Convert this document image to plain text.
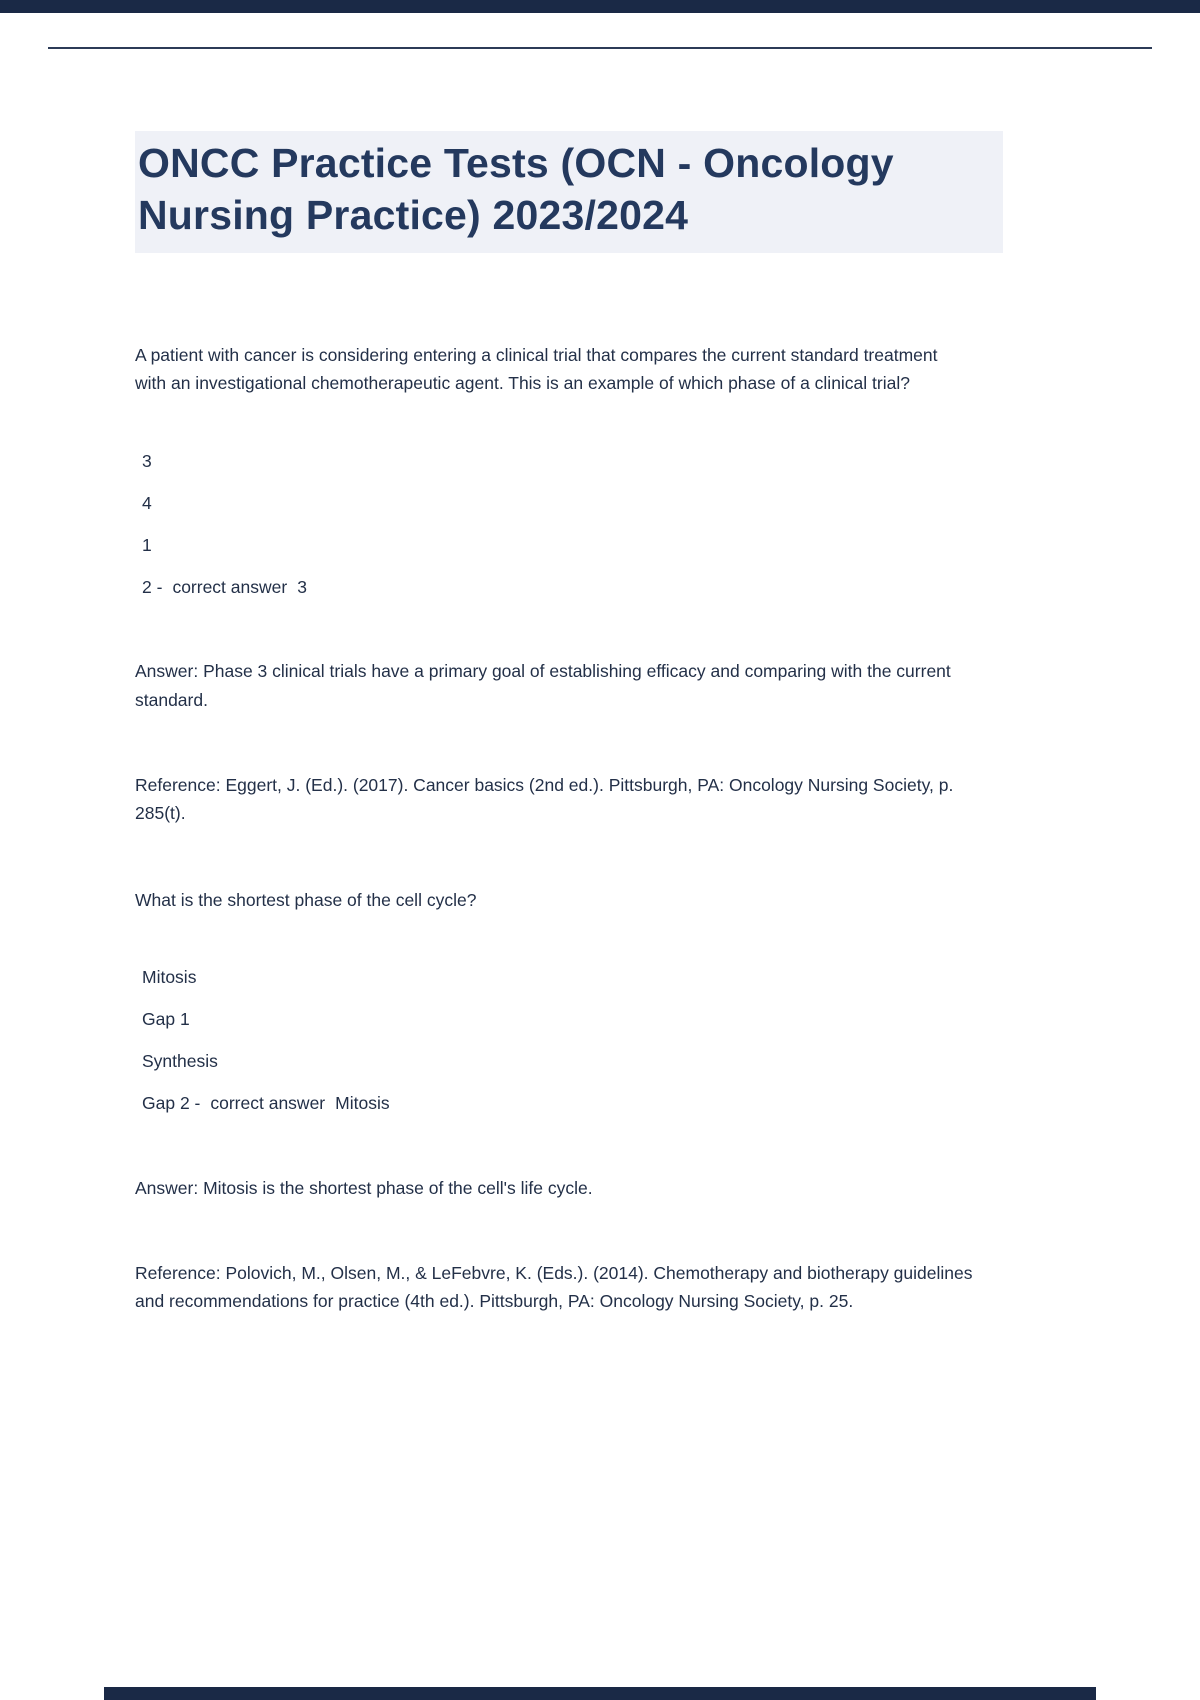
ONCC Practice Tests (OCN - Oncology Nursing Practice) 2023/2024

A patient with cancer is considering entering a clinical trial that compares the current standard treatment with an investigational chemotherapeutic agent. This is an example of which phase of a clinical trial?

3

4

1

2 - correct answer 3

Answer: Phase 3 clinical trials have a primary goal of establishing efficacy and comparing with the current standard.

Reference: Eggert, J. (Ed.). (2017). Cancer basics (2nd ed.). Pittsburgh, PA: Oncology Nursing Society, p. 285(t).

What is the shortest phase of the cell cycle?

Mitosis

Gap 1

Synthesis

Gap 2 - correct answer Mitosis

Answer: Mitosis is the shortest phase of the cell's life cycle.

Reference: Polovich, M., Olsen, M., & LeFebvre, K. (Eds.). (2014). Chemotherapy and biotherapy guidelines and recommendations for practice (4th ed.). Pittsburgh, PA: Oncology Nursing Society, p. 25.
